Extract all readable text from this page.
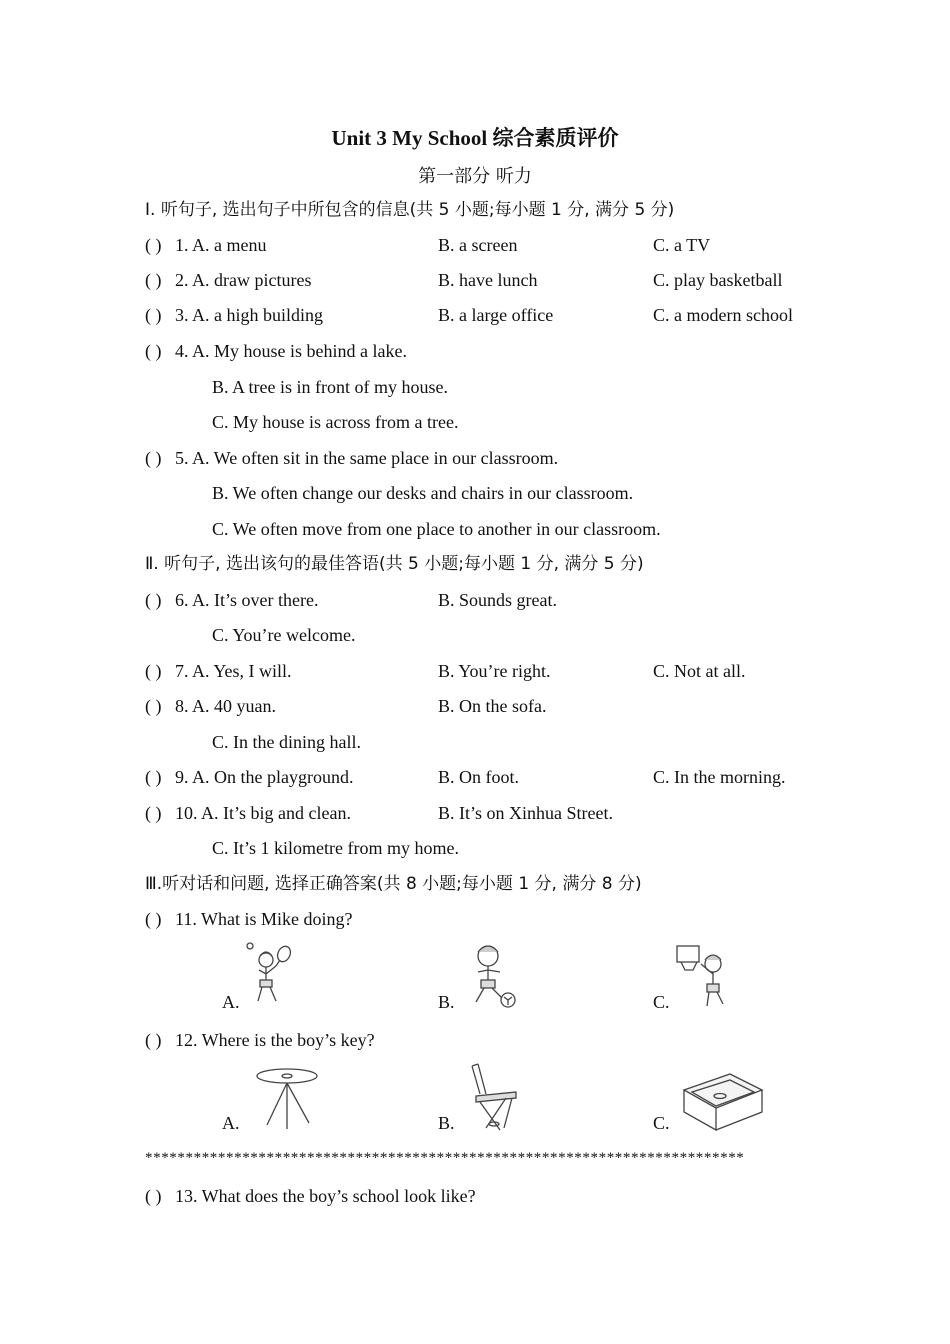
Unit 3 My School 综合素质评价
第一部分 听力
Ⅰ. 听句子, 选出句子中所包含的信息(共 5 小题;每小题 1 分, 满分 5 分)
( ) 1. A. a menu	B. a screen	C. a TV
( ) 2. A. draw pictures	B. have lunch	C. play basketball
( ) 3. A. a high building	B. a large office	C. a modern school
( ) 4. A. My house is behind a lake.
B. A tree is in front of my house.
C. My house is across from a tree.
( ) 5. A. We often sit in the same place in our classroom.
B. We often change our desks and chairs in our classroom.
C. We often move from one place to another in our classroom.
Ⅱ. 听句子, 选出该句的最佳答语(共 5 小题;每小题 1 分, 满分 5 分)
( ) 6. A. It’s over there.	B. Sounds great.
C. You’re welcome.
( ) 7. A. Yes, I will.	B. You’re right.	C. Not at all.
( ) 8. A. 40 yuan.	B. On the sofa.
C. In the dining hall.
( ) 9. A. On the playground.	B. On foot.	C. In the morning.
( ) 10. A. It’s big and clean.	B. It’s on Xinhua Street.
C. It’s 1 kilometre from my home.
Ⅲ.听对话和问题, 选择正确答案(共 8 小题;每小题 1 分, 满分 8 分)
( ) 11. What is Mike doing?
A.	B.	C.
( ) 12. Where is the boy’s key?
A.	B.	C.
**************************************************************************
( ) 13. What does the boy’s school look like?
